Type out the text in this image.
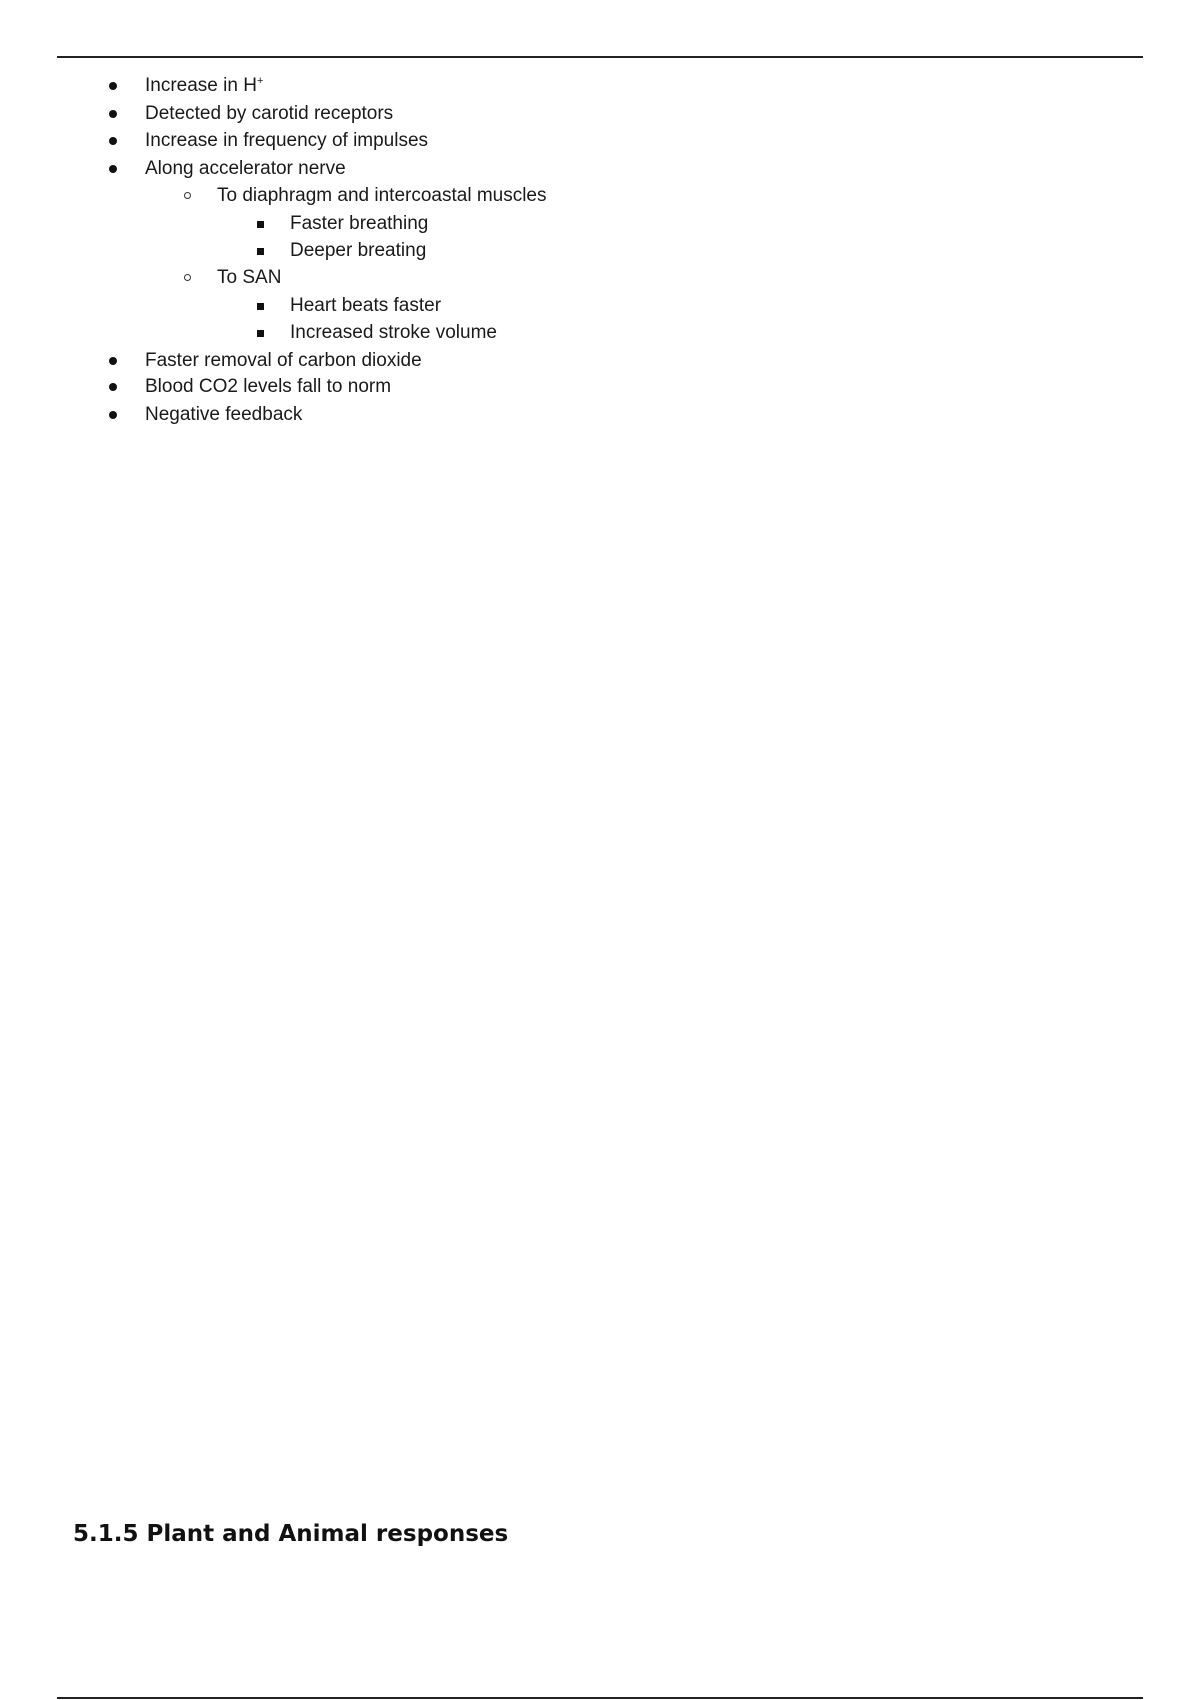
Increase in H+
Detected by carotid receptors
Increase in frequency of impulses
Along accelerator nerve
To diaphragm and intercoastal muscles
Faster breathing
Deeper breating
To SAN
Heart beats faster
Increased stroke volume
Faster removal of carbon dioxide
Blood CO2 levels fall to norm
Negative feedback
5.1.5 Plant and Animal responses
